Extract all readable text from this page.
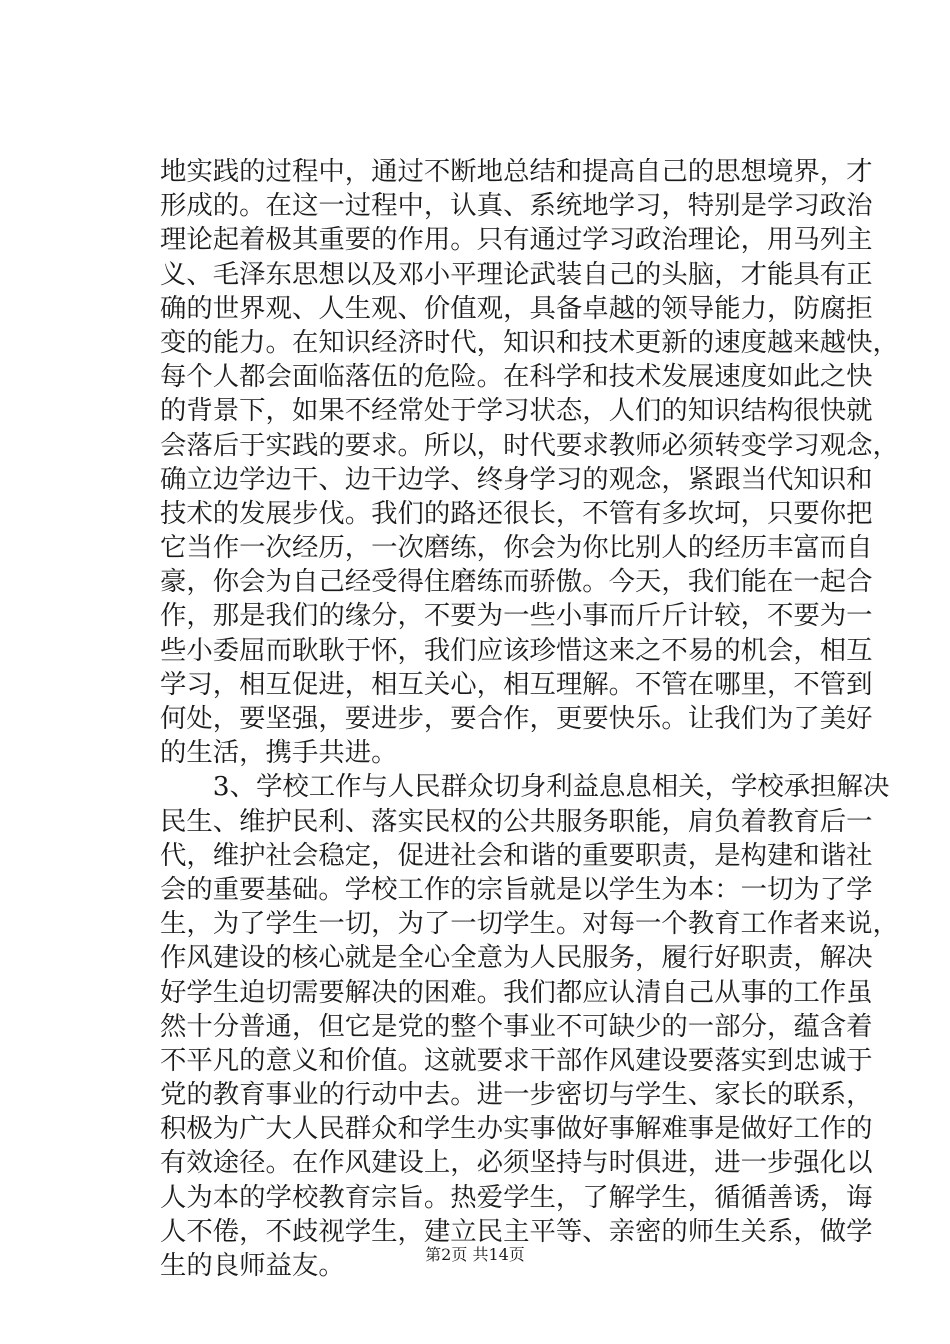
地实践的过程中，通过不断地总结和提高自己的思想境界，才
形成的。在这一过程中，认真、系统地学习，特别是学习政治
理论起着极其重要的作用。只有通过学习政治理论，用马列主
义、毛泽东思想以及邓小平理论武装自己的头脑，才能具有正
确的世界观、人生观、价值观，具备卓越的领导能力，防腐拒
变的能力。在知识经济时代，知识和技术更新的速度越来越快，
每个人都会面临落伍的危险。在科学和技术发展速度如此之快
的背景下，如果不经常处于学习状态，人们的知识结构很快就
会落后于实践的要求。所以，时代要求教师必须转变学习观念，
确立边学边干、边干边学、终身学习的观念，紧跟当代知识和
技术的发展步伐。我们的路还很长，不管有多坎坷，只要你把
它当作一次经历，一次磨练，你会为你比别人的经历丰富而自
豪，你会为自己经受得住磨练而骄傲。今天，我们能在一起合
作，那是我们的缘分，不要为一些小事而斤斤计较，不要为一
些小委屈而耿耿于怀，我们应该珍惜这来之不易的机会，相互
学习，相互促进，相互关心，相互理解。不管在哪里，不管到
何处，要坚强，要进步，要合作，更要快乐。让我们为了美好
的生活，携手共进。
　　3、学校工作与人民群众切身利益息息相关，学校承担解决
民生、维护民利、落实民权的公共服务职能，肩负着教育后一
代，维护社会稳定，促进社会和谐的重要职责，是构建和谐社
会的重要基础。学校工作的宗旨就是以学生为本：一切为了学
生，为了学生一切，为了一切学生。对每一个教育工作者来说，
作风建设的核心就是全心全意为人民服务，履行好职责，解决
好学生迫切需要解决的困难。我们都应认清自己从事的工作虽
然十分普通，但它是党的整个事业不可缺少的一部分，蕴含着
不平凡的意义和价值。这就要求干部作风建设要落实到忠诚于
党的教育事业的行动中去。进一步密切与学生、家长的联系，
积极为广大人民群众和学生办实事做好事解难事是做好工作的
有效途径。在作风建设上，必须坚持与时俱进，进一步强化以
人为本的学校教育宗旨。热爱学生，了解学生，循循善诱，诲
人不倦，不歧视学生，建立民主平等、亲密的师生关系，做学
生的良师益友。	第2页 共14页
